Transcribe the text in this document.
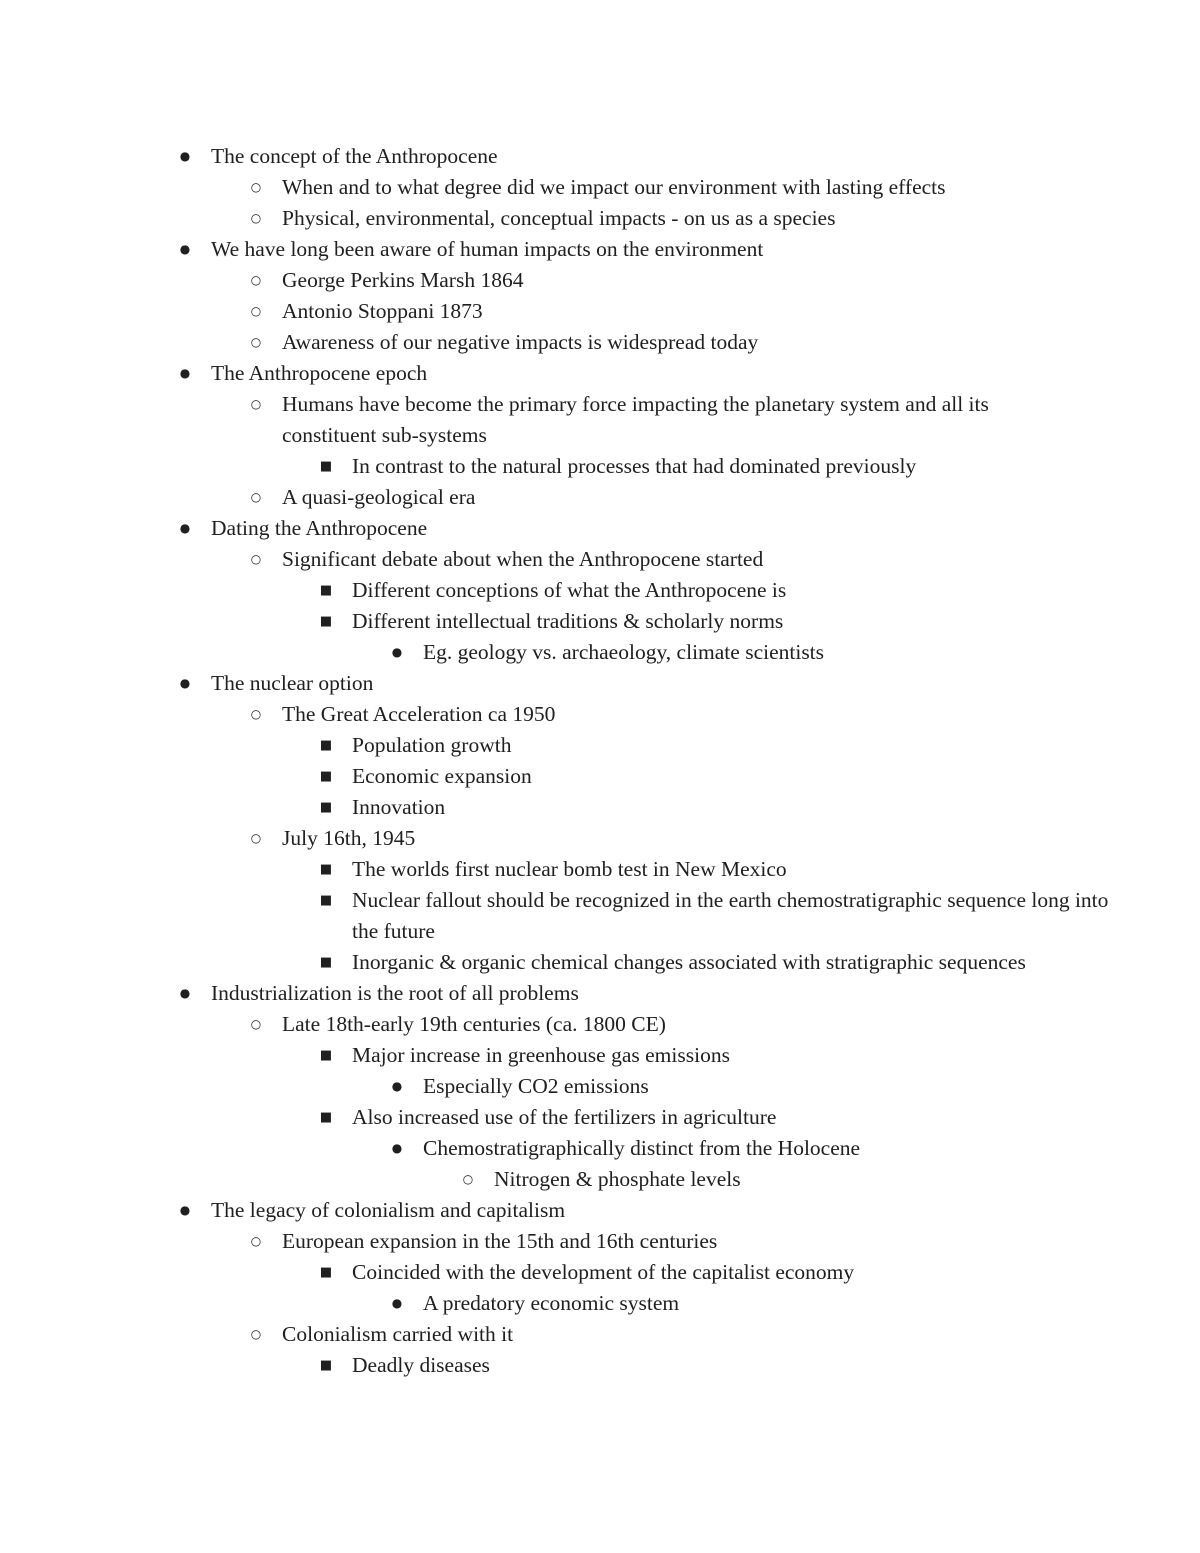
● The concept of the Anthropocene
○ When and to what degree did we impact our environment with lasting effects
○ Physical, environmental, conceptual impacts - on us as a species
● We have long been aware of human impacts on the environment
○ George Perkins Marsh 1864
○ Antonio Stoppani 1873
○ Awareness of our negative impacts is widespread today
● The Anthropocene epoch
○ Humans have become the primary force impacting the planetary system and all its constituent sub-systems
■ In contrast to the natural processes that had dominated previously
○ A quasi-geological era
● Dating the Anthropocene
○ Significant debate about when the Anthropocene started
■ Different conceptions of what the Anthropocene is
■ Different intellectual traditions & scholarly norms
● Eg. geology vs. archaeology, climate scientists
● The nuclear option
○ The Great Acceleration ca 1950
■ Population growth
■ Economic expansion
■ Innovation
○ July 16th, 1945
■ The worlds first nuclear bomb test in New Mexico
■ Nuclear fallout should be recognized in the earth chemostratigraphic sequence long into the future
■ Inorganic & organic chemical changes associated with stratigraphic sequences
● Industrialization is the root of all problems
○ Late 18th-early 19th centuries (ca. 1800 CE)
■ Major increase in greenhouse gas emissions
● Especially CO2 emissions
■ Also increased use of the fertilizers in agriculture
● Chemostratigraphically distinct from the Holocene
○ Nitrogen & phosphate levels
● The legacy of colonialism and capitalism
○ European expansion in the 15th and 16th centuries
■ Coincided with the development of the capitalist economy
● A predatory economic system
○ Colonialism carried with it
■ Deadly diseases
